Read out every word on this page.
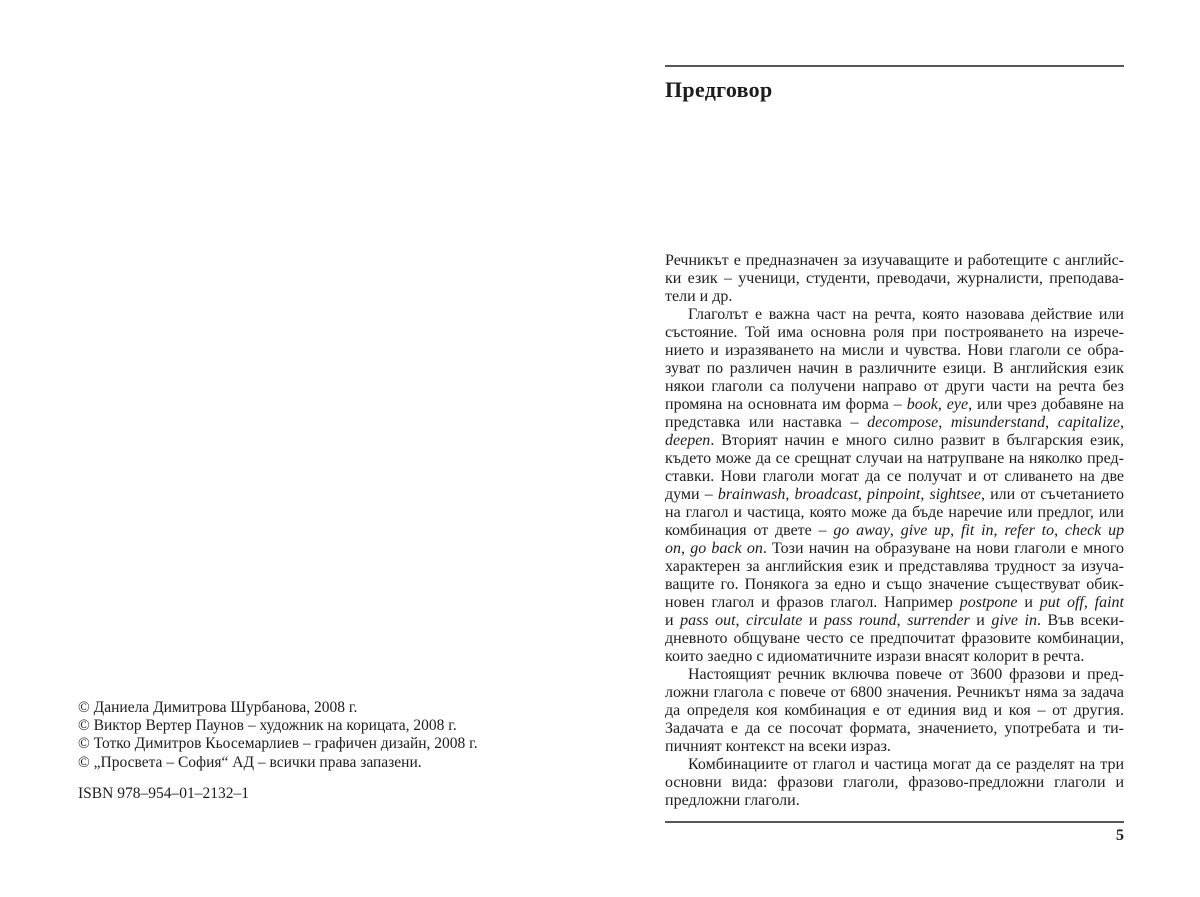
© Даниела Димитрова Шурбанова, 2008 г.
© Виктор Вертер Паунов – художник на корицата, 2008 г.
© Тотко Димитров Кьосемарлиев – графичен дизайн, 2008 г.
© „Просвета – София“ АД – всички права запазени.
ISBN 978–954–01–2132–1
Предговор
Речникът е предназначен за изучаващите и работещите с английс-
ки език – ученици, студенти, преводачи, журналисти, преподава-
тели и др.
Глаголът е важна част на речта, която назовава действие или
състояние. Той има основна роля при построяването на изрече-
нието и изразяването на мисли и чувства. Нови глаголи се обра-
зуват по различен начин в различните езици. В английския език
някои глаголи са получени направо от други части на речта без
промяна на основната им форма – book, eye, или чрез добавяне на
представка или наставка – decompose, misunderstand, capitalize,
deepen. Вторият начин е много силно развит в българския език,
където може да се срещнат случаи на натрупване на няколко пред-
ставки. Нови глаголи могат да се получат и от сливането на две
думи – brainwash, broadcast, pinpoint, sightsee, или от съчетанието
на глагол и частица, която може да бъде наречие или предлог, или
комбинация от двете – go away, give up, fit in, refer to, check up
on, go back on. Този начин на образуване на нови глаголи е много
характерен за английския език и представлява трудност за изуча-
ващите го. Понякога за едно и също значение съществуват обик-
новен глагол и фразов глагол. Например postpone и put off, faint
и pass out, circulate и pass round, surrender и give in. Във всеки-
дневното общуване често се предпочитат фразовите комбинации,
които заедно с идиоматичните изрази внасят колорит в речта.
Настоящият речник включва повече от 3600 фразови и пред-
ложни глагола с повече от 6800 значения. Речникът няма за задача
да определя коя комбинация е от единия вид и коя – от другия.
Задачата е да се посочат формата, значението, употребата и ти-
пичният контекст на всеки израз.
Комбинациите от глагол и частица могат да се разделят на три
основни вида: фразови глаголи, фразово-предложни глаголи и
предложни глаголи.
5
